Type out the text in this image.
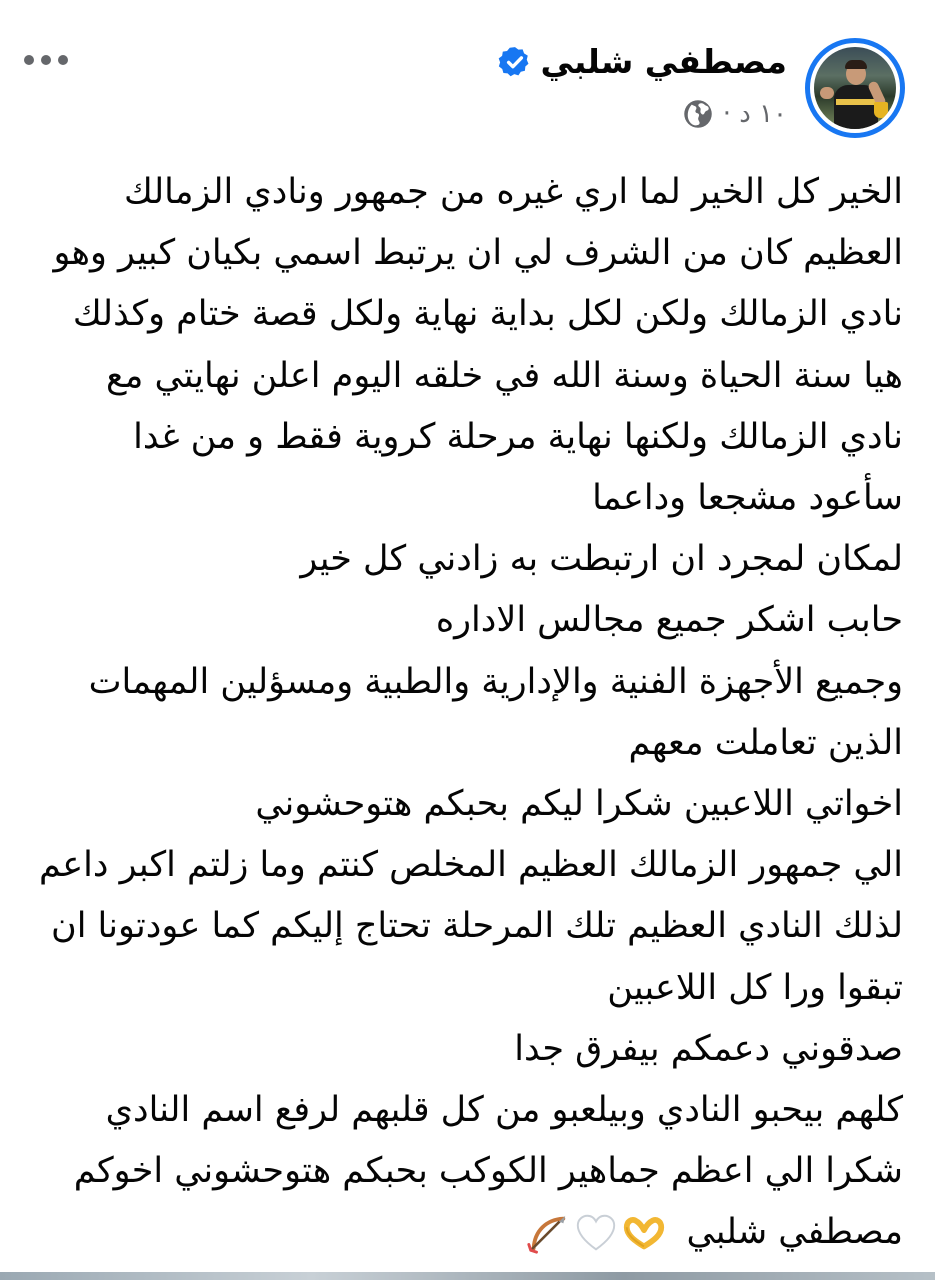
مصطفي شلبي
١٠ د ·
الخير كل الخير لما اري غيره من جمهور ونادي الزمالك
العظيم كان من الشرف لي ان يرتبط اسمي بكيان كبير وهو
نادي الزمالك ولكن لكل بداية نهاية ولكل قصة ختام وكذلك
هيا سنة الحياة وسنة الله في خلقه اليوم اعلن نهايتي مع
نادي الزمالك ولكنها نهاية مرحلة كروية فقط و من غدا
سأعود مشجعا وداعما
لمكان لمجرد ان ارتبطت به زادني كل خير
حابب اشكر جميع مجالس الاداره
وجميع الأجهزة الفنية والإدارية والطبية ومسؤلين المهمات
الذين تعاملت معهم
اخواتي اللاعبين شكرا ليكم بحبكم هتوحشوني
الي جمهور الزمالك العظيم المخلص كنتم وما زلتم اكبر داعم
لذلك النادي العظيم تلك المرحلة تحتاج إليكم كما عودتونا ان
تبقوا ورا كل اللاعبين
صدقوني دعمكم بيفرق جدا
كلهم بيحبو النادي وبيلعبو من كل قلبهم لرفع اسم النادي
شكرا الي اعظم جماهير الكوكب بحبكم هتوحشوني اخوكم
مصطفي شلبي
